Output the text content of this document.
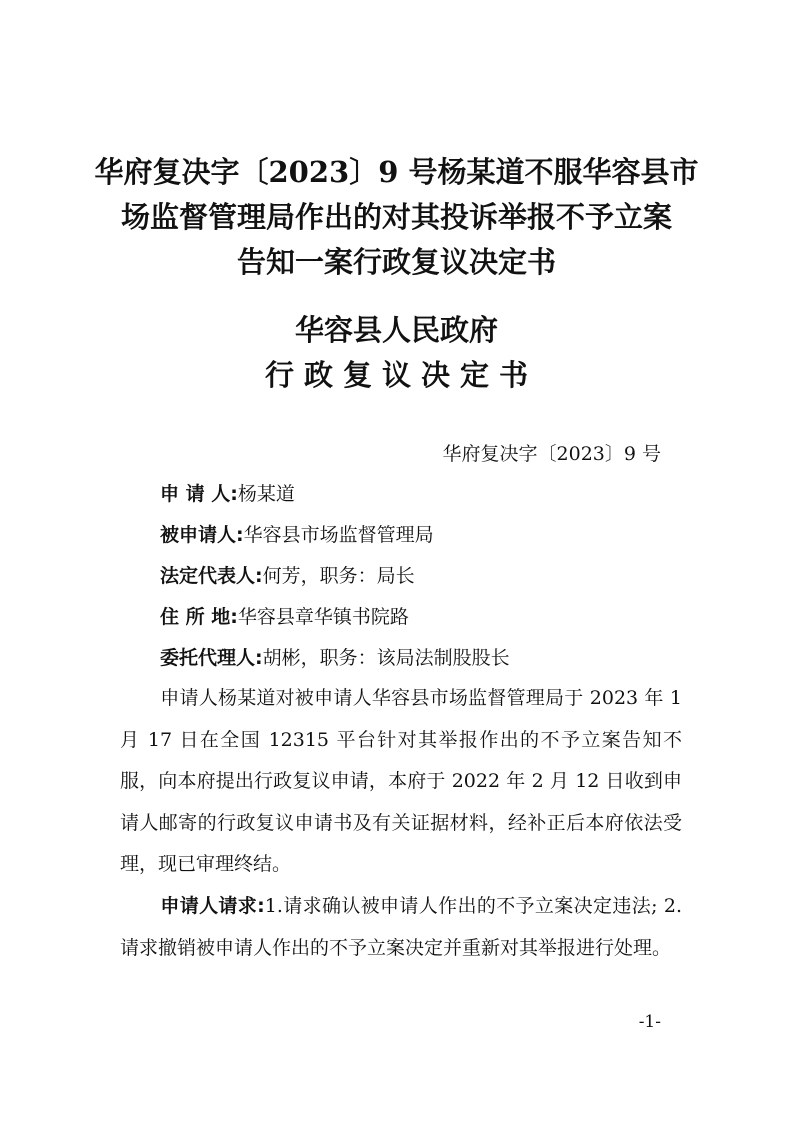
华府复决字〔2023〕9 号杨某道不服华容县市
场监督管理局作出的对其投诉举报不予立案
告知一案行政复议决定书
华容县人民政府
行政复议决定书
华府复决字〔2023〕9 号
申 请 人:杨某道
被申请人:华容县市场监督管理局
法定代表人:何芳，职务：局长
住 所 地:华容县章华镇书院路
委托代理人:胡彬，职务：该局法制股股长
申请人杨某道对被申请人华容县市场监督管理局于 2023 年 1 月 17 日在全国 12315 平台针对其举报作出的不予立案告知不服，向本府提出行政复议申请，本府于 2022 年 2 月 12 日收到申请人邮寄的行政复议申请书及有关证据材料，经补正后本府依法受理，现已审理终结。
申请人请求:1.请求确认被申请人作出的不予立案决定违法; 2.请求撤销被申请人作出的不予立案决定并重新对其举报进行处理。
-1-
